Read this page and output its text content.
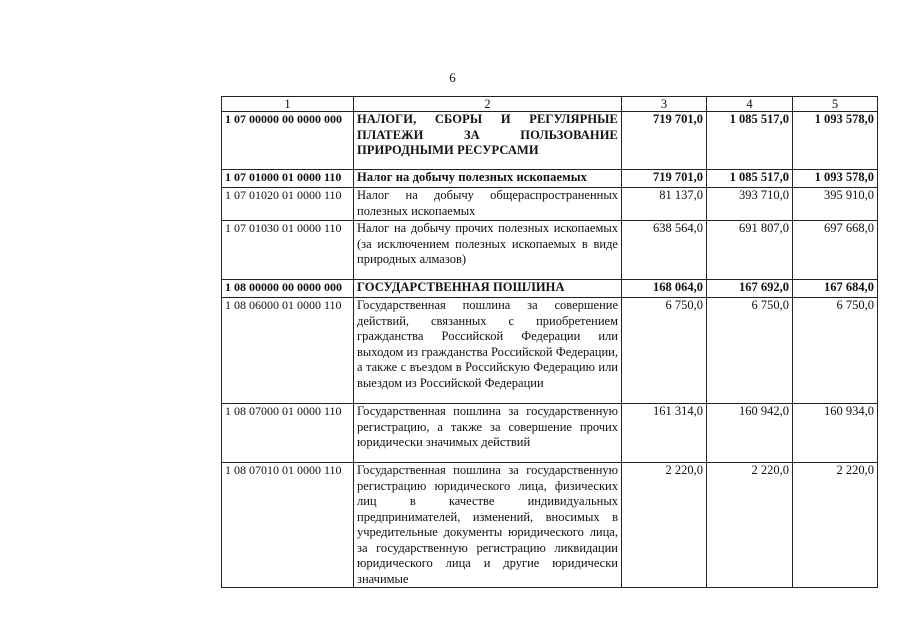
6
1	2	3	4	5
1 07 00000 00 0000 000	НАЛОГИ, СБОРЫ И РЕГУЛЯРНЫЕ ПЛАТЕЖИ ЗА ПОЛЬЗОВАНИЕ ПРИРОДНЫМИ РЕСУРСАМИ	719 701,0	1 085 517,0	1 093 578,0
1 07 01000 01 0000 110	Налог на добычу полезных ископаемых	719 701,0	1 085 517,0	1 093 578,0
1 07 01020 01 0000 110	Налог на добычу общераспространенных полезных ископаемых	81 137,0	393 710,0	395 910,0
1 07 01030 01 0000 110	Налог на добычу прочих полезных ископаемых (за исключением полезных ископаемых в виде природных алмазов)	638 564,0	691 807,0	697 668,0
1 08 00000 00 0000 000	ГОСУДАРСТВЕННАЯ ПОШЛИНА	168 064,0	167 692,0	167 684,0
1 08 06000 01 0000 110	Государственная пошлина за совершение действий, связанных с приобретением гражданства Российской Федерации или выходом из гражданства Российской Федерации, а также с въездом в Российскую Федерацию или выездом из Российской Федерации	6 750,0	6 750,0	6 750,0
1 08 07000 01 0000 110	Государственная пошлина за государственную регистрацию, а также за совершение прочих юридически значимых действий	161 314,0	160 942,0	160 934,0
1 08 07010 01 0000 110	Государственная пошлина за государственную регистрацию юридического лица, физических лиц в качестве индивидуальных предпринимателей, изменений, вносимых в учредительные документы юридического лица, за государственную регистрацию ликвидации юридического лица и другие юридически значимые	2 220,0	2 220,0	2 220,0
